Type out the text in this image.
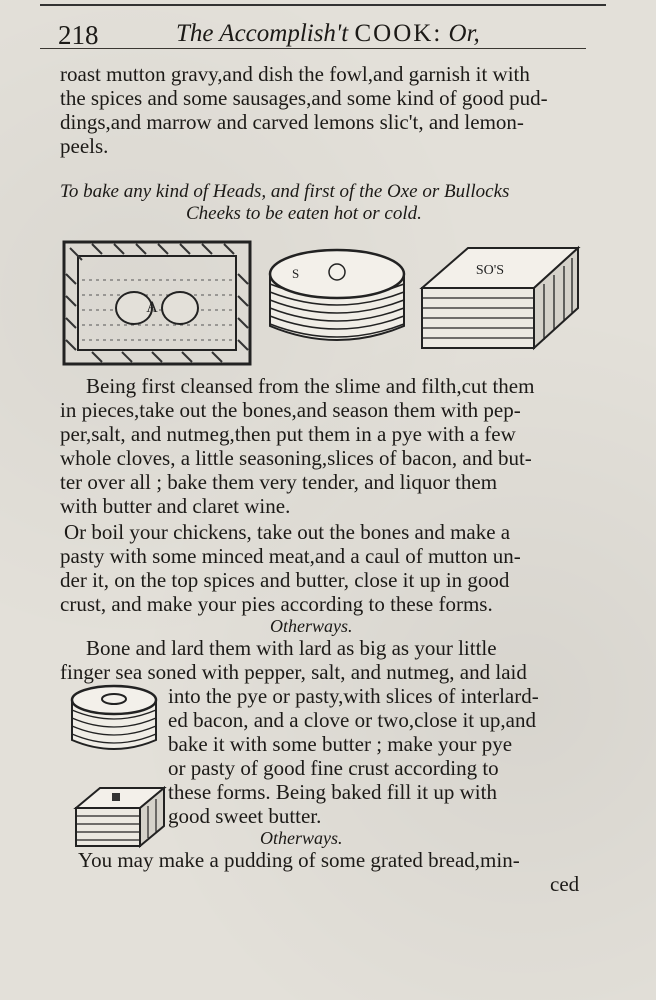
218	The Accomplish't COOK: Or,
roast mutton gravy,and dish the fowl,and garnish it with
the spices and some sausages,and some kind of good pud-
dings,and marrow and carved lemons slic't, and lemon-
peels.
To bake any kind of Heads, and first of the Oxe or Bullocks
Cheeks to be eaten hot or cold.
A
S	SO'S
Being first cleansed from the slime and filth,cut them
in pieces,take out the bones,and season them with pep-
per,salt, and nutmeg,then put them in a pye with a few
whole cloves, a little seasoning,slices of bacon, and but-
ter over all ; bake them very tender, and liquor them
with butter and claret wine.
Or boil your chickens, take out the bones and make a
pasty with some minced meat,and a caul of mutton un-
der it, on the top spices and butter, close it up in good
crust, and make your pies according to these forms.
Otherways.
Bone and lard them with lard as big as your little
finger sea soned with pepper, salt, and nutmeg, and laid
into the pye or pasty,with slices of interlard-
ed bacon, and a clove or two,close it up,and
bake it with some butter ; make your pye
or pasty of good fine crust according to
these forms. Being baked fill it up with
good sweet butter.
Otherways.
You may make a pudding of some grated bread,min-
ced
